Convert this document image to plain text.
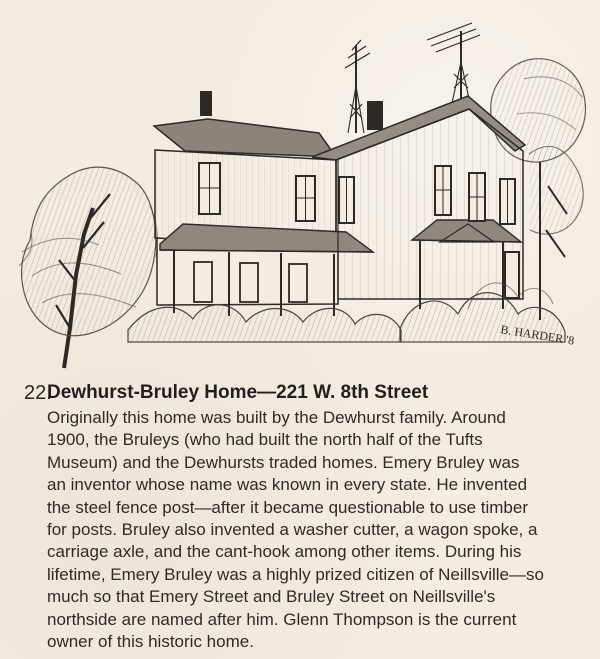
B. HARDER '8
22.
Dewhurst-Bruley Home—221 W. 8th Street
Originally this home was built by the Dewhurst family. Around
1900, the Bruleys (who had built the north half of the Tufts
Museum) and the Dewhursts traded homes. Emery Bruley was
an inventor whose name was known in every state. He invented
the steel fence post—after it became questionable to use timber
for posts. Bruley also invented a washer cutter, a wagon spoke, a
carriage axle, and the cant-hook among other items. During his
lifetime, Emery Bruley was a highly prized citizen of Neillsville—so
much so that Emery Street and Bruley Street on Neillsville's
northside are named after him. Glenn Thompson is the current
owner of this historic home.
